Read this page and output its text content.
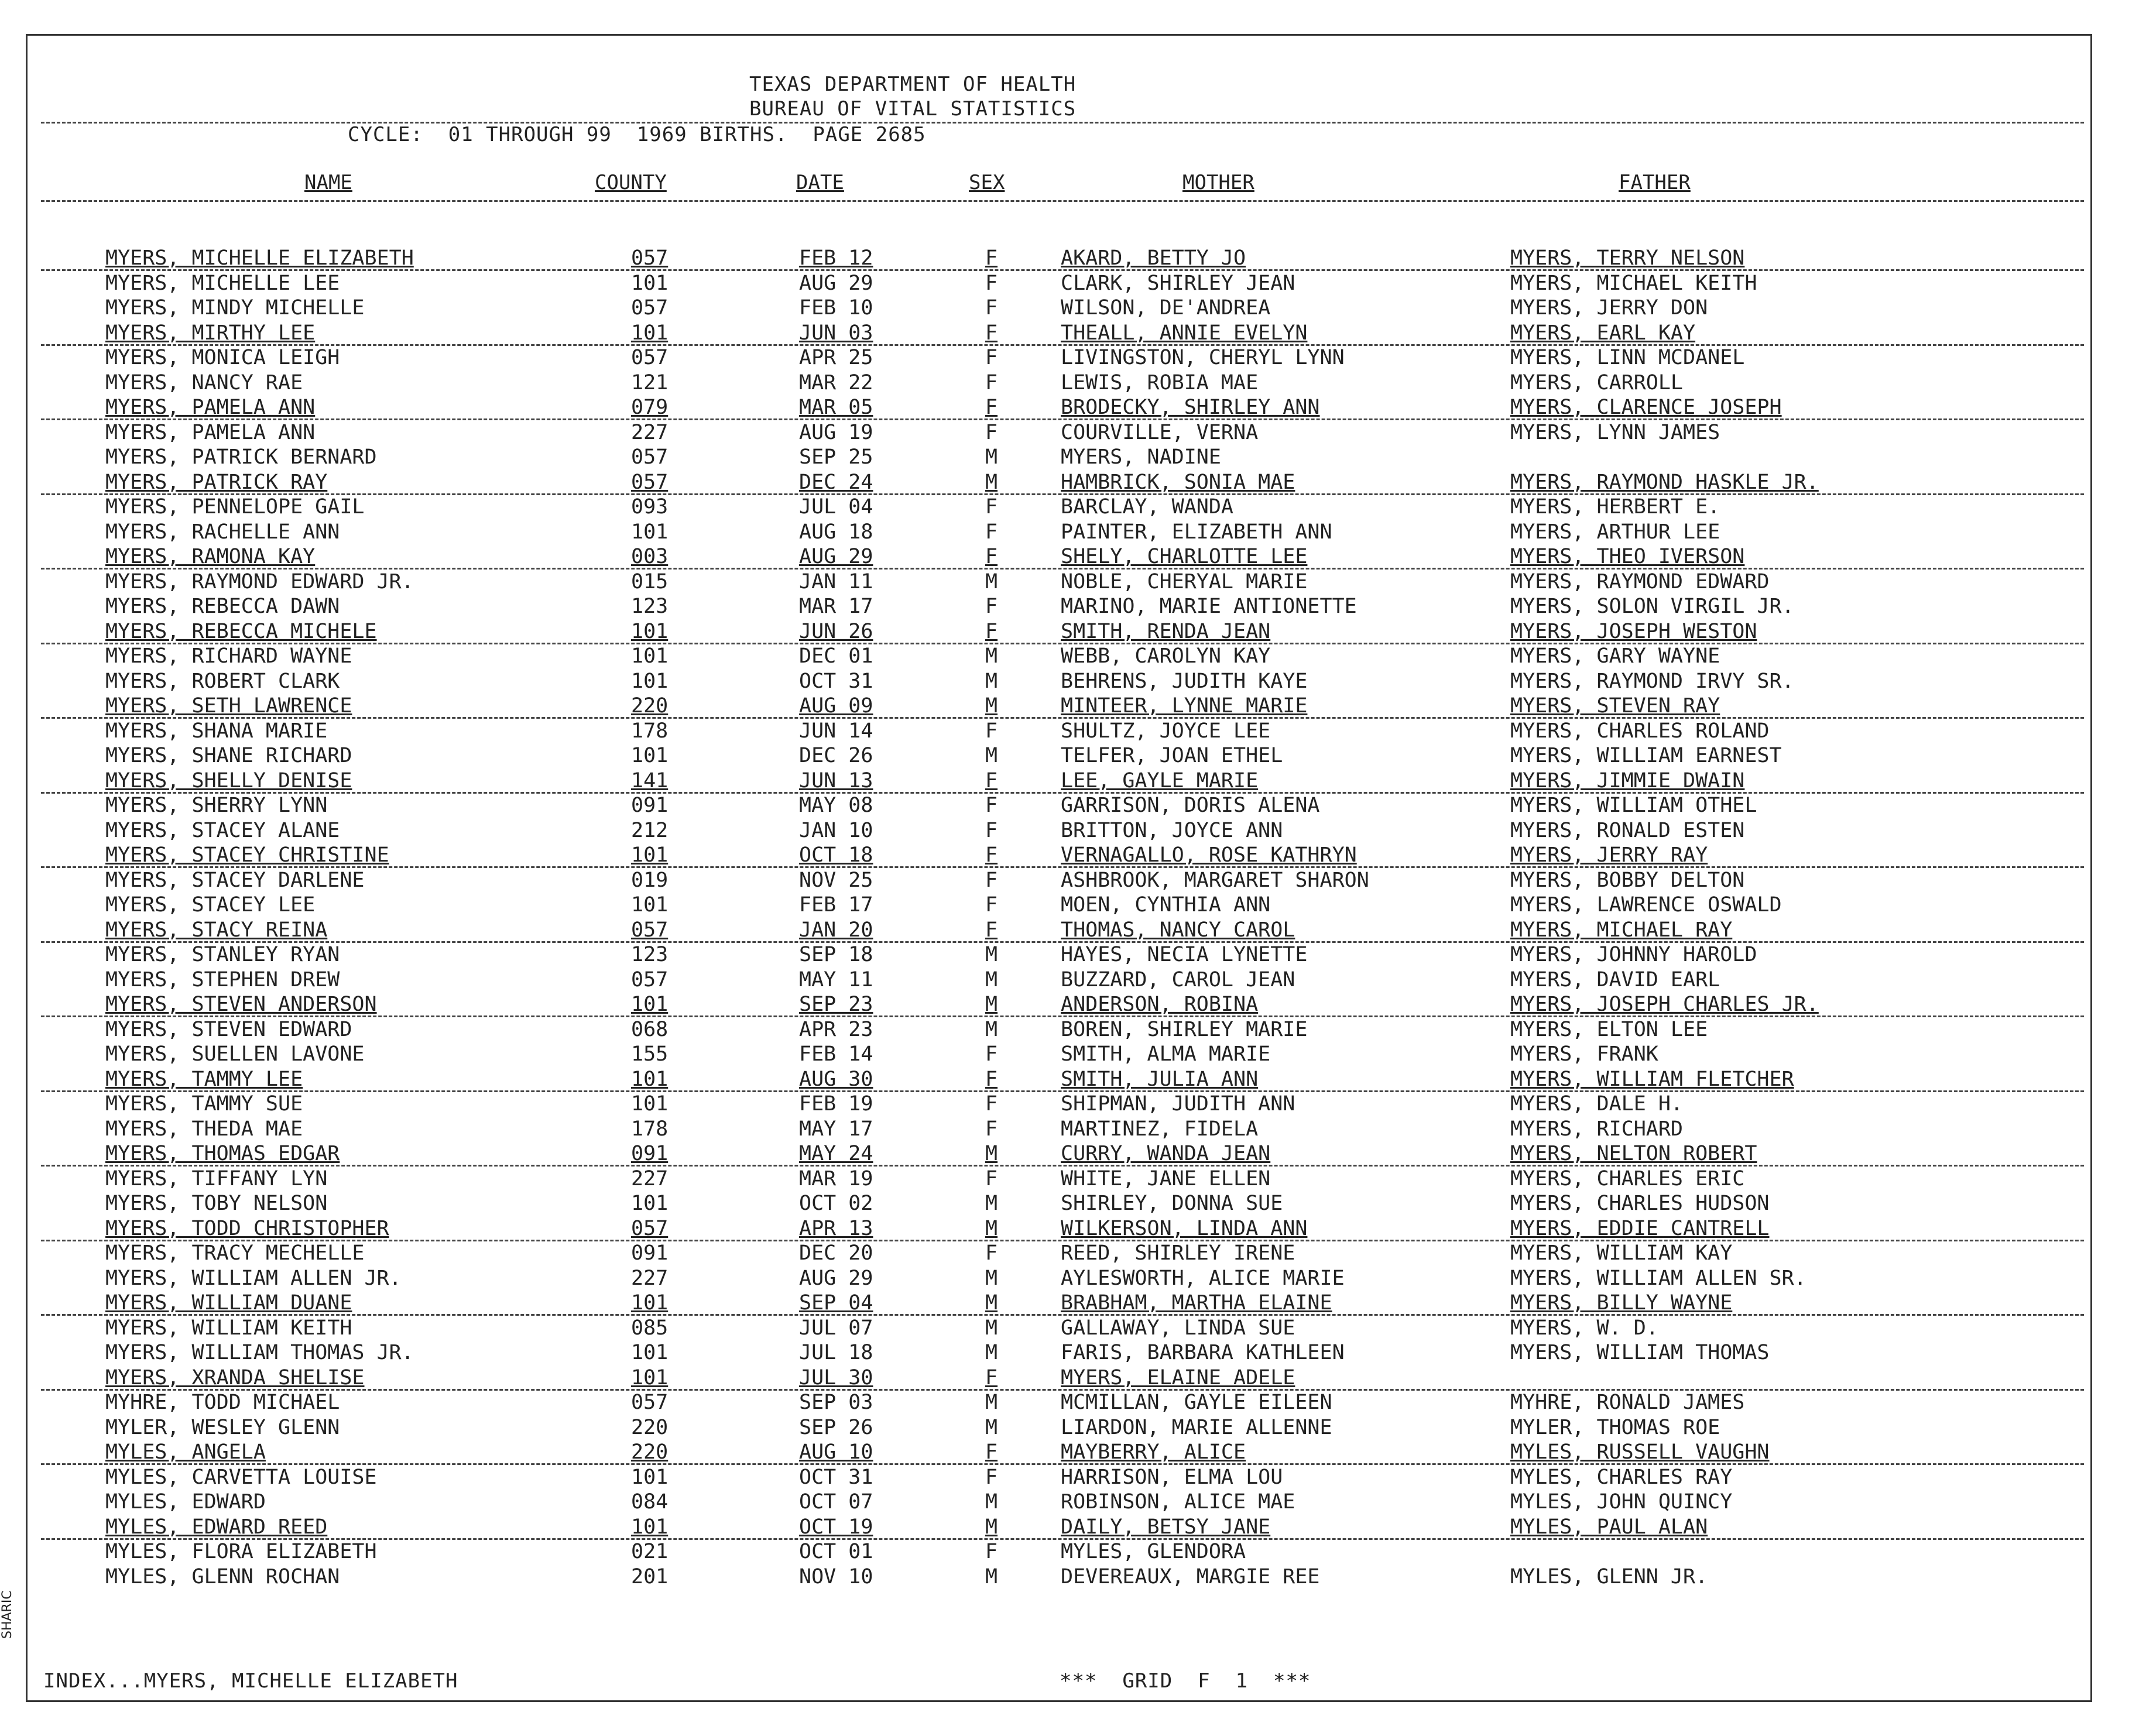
TEXAS DEPARTMENT OF HEALTH
BUREAU OF VITAL STATISTICS
CYCLE:  01 THROUGH 99  1969 BIRTHS.  PAGE 2685
NAME	COUNTY	DATE	SEX	MOTHER	FATHER
MYERS, MICHELLE ELIZABETH	057	FEB 12	F	AKARD, BETTY JO	MYERS, TERRY NELSON
MYERS, MICHELLE LEE	101	AUG 29	F	CLARK, SHIRLEY JEAN	MYERS, MICHAEL KEITH
MYERS, MINDY MICHELLE	057	FEB 10	F	WILSON, DE'ANDREA	MYERS, JERRY DON
MYERS, MIRTHY LEE	101	JUN 03	F	THEALL, ANNIE EVELYN	MYERS, EARL KAY
MYERS, MONICA LEIGH	057	APR 25	F	LIVINGSTON, CHERYL LYNN	MYERS, LINN MCDANEL
MYERS, NANCY RAE	121	MAR 22	F	LEWIS, ROBIA MAE	MYERS, CARROLL
MYERS, PAMELA ANN	079	MAR 05	F	BRODECKY, SHIRLEY ANN	MYERS, CLARENCE JOSEPH
MYERS, PAMELA ANN	227	AUG 19	F	COURVILLE, VERNA	MYERS, LYNN JAMES
MYERS, PATRICK BERNARD	057	SEP 25	M	MYERS, NADINE
MYERS, PATRICK RAY	057	DEC 24	M	HAMBRICK, SONIA MAE	MYERS, RAYMOND HASKLE JR.
MYERS, PENNELOPE GAIL	093	JUL 04	F	BARCLAY, WANDA	MYERS, HERBERT E.
MYERS, RACHELLE ANN	101	AUG 18	F	PAINTER, ELIZABETH ANN	MYERS, ARTHUR LEE
MYERS, RAMONA KAY	003	AUG 29	F	SHELY, CHARLOTTE LEE	MYERS, THEO IVERSON
MYERS, RAYMOND EDWARD JR.	015	JAN 11	M	NOBLE, CHERYAL MARIE	MYERS, RAYMOND EDWARD
MYERS, REBECCA DAWN	123	MAR 17	F	MARINO, MARIE ANTIONETTE	MYERS, SOLON VIRGIL JR.
MYERS, REBECCA MICHELE	101	JUN 26	F	SMITH, RENDA JEAN	MYERS, JOSEPH WESTON
MYERS, RICHARD WAYNE	101	DEC 01	M	WEBB, CAROLYN KAY	MYERS, GARY WAYNE
MYERS, ROBERT CLARK	101	OCT 31	M	BEHRENS, JUDITH KAYE	MYERS, RAYMOND IRVY SR.
MYERS, SETH LAWRENCE	220	AUG 09	M	MINTEER, LYNNE MARIE	MYERS, STEVEN RAY
MYERS, SHANA MARIE	178	JUN 14	F	SHULTZ, JOYCE LEE	MYERS, CHARLES ROLAND
MYERS, SHANE RICHARD	101	DEC 26	M	TELFER, JOAN ETHEL	MYERS, WILLIAM EARNEST
MYERS, SHELLY DENISE	141	JUN 13	F	LEE, GAYLE MARIE	MYERS, JIMMIE DWAIN
MYERS, SHERRY LYNN	091	MAY 08	F	GARRISON, DORIS ALENA	MYERS, WILLIAM OTHEL
MYERS, STACEY ALANE	212	JAN 10	F	BRITTON, JOYCE ANN	MYERS, RONALD ESTEN
MYERS, STACEY CHRISTINE	101	OCT 18	F	VERNAGALLO, ROSE KATHRYN	MYERS, JERRY RAY
MYERS, STACEY DARLENE	019	NOV 25	F	ASHBROOK, MARGARET SHARON	MYERS, BOBBY DELTON
MYERS, STACEY LEE	101	FEB 17	F	MOEN, CYNTHIA ANN	MYERS, LAWRENCE OSWALD
MYERS, STACY REINA	057	JAN 20	F	THOMAS, NANCY CAROL	MYERS, MICHAEL RAY
MYERS, STANLEY RYAN	123	SEP 18	M	HAYES, NECIA LYNETTE	MYERS, JOHNNY HAROLD
MYERS, STEPHEN DREW	057	MAY 11	M	BUZZARD, CAROL JEAN	MYERS, DAVID EARL
MYERS, STEVEN ANDERSON	101	SEP 23	M	ANDERSON, ROBINA	MYERS, JOSEPH CHARLES JR.
MYERS, STEVEN EDWARD	068	APR 23	M	BOREN, SHIRLEY MARIE	MYERS, ELTON LEE
MYERS, SUELLEN LAVONE	155	FEB 14	F	SMITH, ALMA MARIE	MYERS, FRANK
MYERS, TAMMY LEE	101	AUG 30	F	SMITH, JULIA ANN	MYERS, WILLIAM FLETCHER
MYERS, TAMMY SUE	101	FEB 19	F	SHIPMAN, JUDITH ANN	MYERS, DALE H.
MYERS, THEDA MAE	178	MAY 17	F	MARTINEZ, FIDELA	MYERS, RICHARD
MYERS, THOMAS EDGAR	091	MAY 24	M	CURRY, WANDA JEAN	MYERS, NELTON ROBERT
MYERS, TIFFANY LYN	227	MAR 19	F	WHITE, JANE ELLEN	MYERS, CHARLES ERIC
MYERS, TOBY NELSON	101	OCT 02	M	SHIRLEY, DONNA SUE	MYERS, CHARLES HUDSON
MYERS, TODD CHRISTOPHER	057	APR 13	M	WILKERSON, LINDA ANN	MYERS, EDDIE CANTRELL
MYERS, TRACY MECHELLE	091	DEC 20	F	REED, SHIRLEY IRENE	MYERS, WILLIAM KAY
MYERS, WILLIAM ALLEN JR.	227	AUG 29	M	AYLESWORTH, ALICE MARIE	MYERS, WILLIAM ALLEN SR.
MYERS, WILLIAM DUANE	101	SEP 04	M	BRABHAM, MARTHA ELAINE	MYERS, BILLY WAYNE
MYERS, WILLIAM KEITH	085	JUL 07	M	GALLAWAY, LINDA SUE	MYERS, W. D.
MYERS, WILLIAM THOMAS JR.	101	JUL 18	M	FARIS, BARBARA KATHLEEN	MYERS, WILLIAM THOMAS
MYERS, XRANDA SHELISE	101	JUL 30	F	MYERS, ELAINE ADELE
MYHRE, TODD MICHAEL	057	SEP 03	M	MCMILLAN, GAYLE EILEEN	MYHRE, RONALD JAMES
MYLER, WESLEY GLENN	220	SEP 26	M	LIARDON, MARIE ALLENNE	MYLER, THOMAS ROE
MYLES, ANGELA	220	AUG 10	F	MAYBERRY, ALICE	MYLES, RUSSELL VAUGHN
MYLES, CARVETTA LOUISE	101	OCT 31	F	HARRISON, ELMA LOU	MYLES, CHARLES RAY
MYLES, EDWARD	084	OCT 07	M	ROBINSON, ALICE MAE	MYLES, JOHN QUINCY
MYLES, EDWARD REED	101	OCT 19	M	DAILY, BETSY JANE	MYLES, PAUL ALAN
MYLES, FLORA ELIZABETH	021	OCT 01	F	MYLES, GLENDORA
MYLES, GLENN ROCHAN	201	NOV 10	M	DEVEREAUX, MARGIE REE	MYLES, GLENN JR.
INDEX...MYERS, MICHELLE ELIZABETH	***  GRID  F  1  ***
SHARIC
